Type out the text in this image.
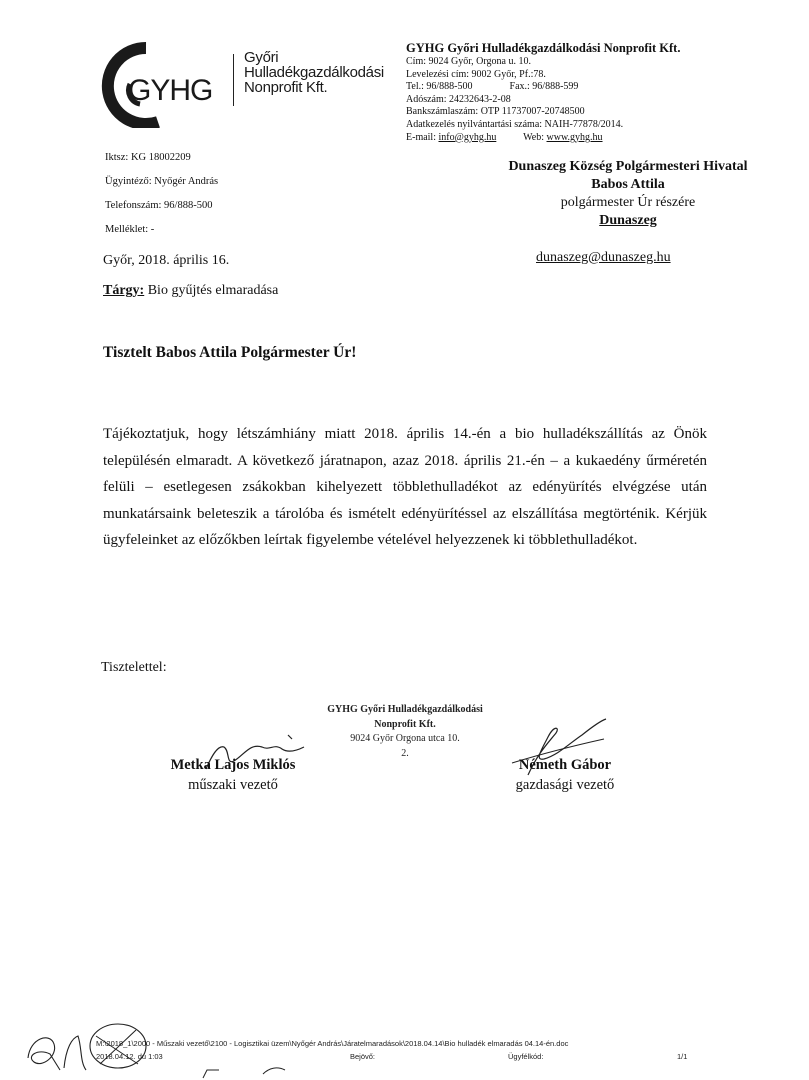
GYHG
Győri
Hulladékgazdálkodási
Nonprofit Kft.
GYHG Győri Hulladékgazdálkodási Nonprofit Kft.
Cím: 9024 Győr, Orgona u. 10.
Levelezési cím: 9002 Győr, Pf.:78.
Tel.: 96/888-500	Fax.: 96/888-599
Adószám: 24232643-2-08
Bankszámlaszám: OTP 11737007-20748500
Adatkezelés nyilvántartási száma: NAIH-77878/2014.
E-mail: info@gyhg.hu	Web: www.gyhg.hu
Iktsz: KG 18002209
Ügyintéző: Nyőgér András
Telefonszám: 96/888-500
Melléklet: -
Dunaszeg Község Polgármesteri Hivatal
Babos Attila
polgármester Úr részére
Dunaszeg
dunaszeg@dunaszeg.hu
Győr, 2018. április 16.
Tárgy: Bio gyűjtés elmaradása
Tisztelt Babos Attila Polgármester Úr!
Tájékoztatjuk, hogy létszámhiány miatt 2018. április 14.-én a bio hulladékszállítás az Önök településén elmaradt. A következő járatnapon, azaz 2018. április 21.-én – a kukaedény űrméretén felüli – esetlegesen zsákokban kihelyezett többlethulladékot az edényürítés elvégzése után munkatársaink beleteszik a tárolóba és ismételt edényürítéssel az elszállítása megtörténik. Kérjük ügyfeleinket az előzőkben leírtak figyelembe vételével helyezzenek ki többlethulladékot.
Tisztelettel:
GYHG Győri Hulladékgazdálkodási
Nonprofit Kft.
9024 Győr Orgona utca 10.
2.
Metka Lajos Miklós
műszaki vezető
Németh Gábor
gazdasági vezető
M:\2018_1\2000 - Műszaki vezető\2100 - Logisztikai üzem\Nyőgér András\Járatelmaradások\2018.04.14\Bio hulladék elmaradás 04.14-én.doc
2018.04.12. du 1:03	Bejövő:	Ügyfélkód:	1/1
